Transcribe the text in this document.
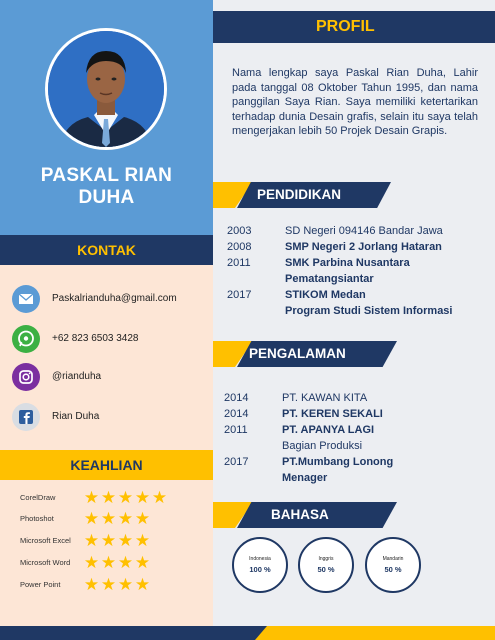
PASKAL RIAN
DUHA
KONTAK
Paskalrianduha@gmail.com
+62 823 6503 3428
@rianduha
Rian Duha
KEAHLIAN
CorelDraw ★ ★ ★ ★ ★
Photoshot ★ ★ ★ ★
Microsoft Excel ★ ★ ★ ★
Microsoft Word ★ ★ ★ ★
Power Point ★ ★ ★ ★
PROFIL

Nama lengkap saya Paskal Rian Duha, Lahir pada tanggal 08 Oktober Tahun 1995, dan nama panggilan Saya Rian. Saya memiliki ketertarikan terhadap dunia Desain grafis, selain itu saya telah mengerjakan lebih 50 Projek Desain Grapis.

PENDIDIKAN
2003	SD Negeri 094146 Bandar Jawa
2008	SMP Negeri 2 Jorlang Hataran
2011	SMK Parbina Nusantara
Pematangsiantar
2017	STIKOM Medan
Program Studi Sistem Informasi
PENGALAMAN
2014	PT. KAWAN KITA
2014	PT. KEREN SEKALI
2011	PT. APANYA LAGI
Bagian Produksi
2017	PT.Mumbang Lonong
Menager
BAHASA
Indonesia
100 %
Inggris
50 %
Mandarin
50 %
